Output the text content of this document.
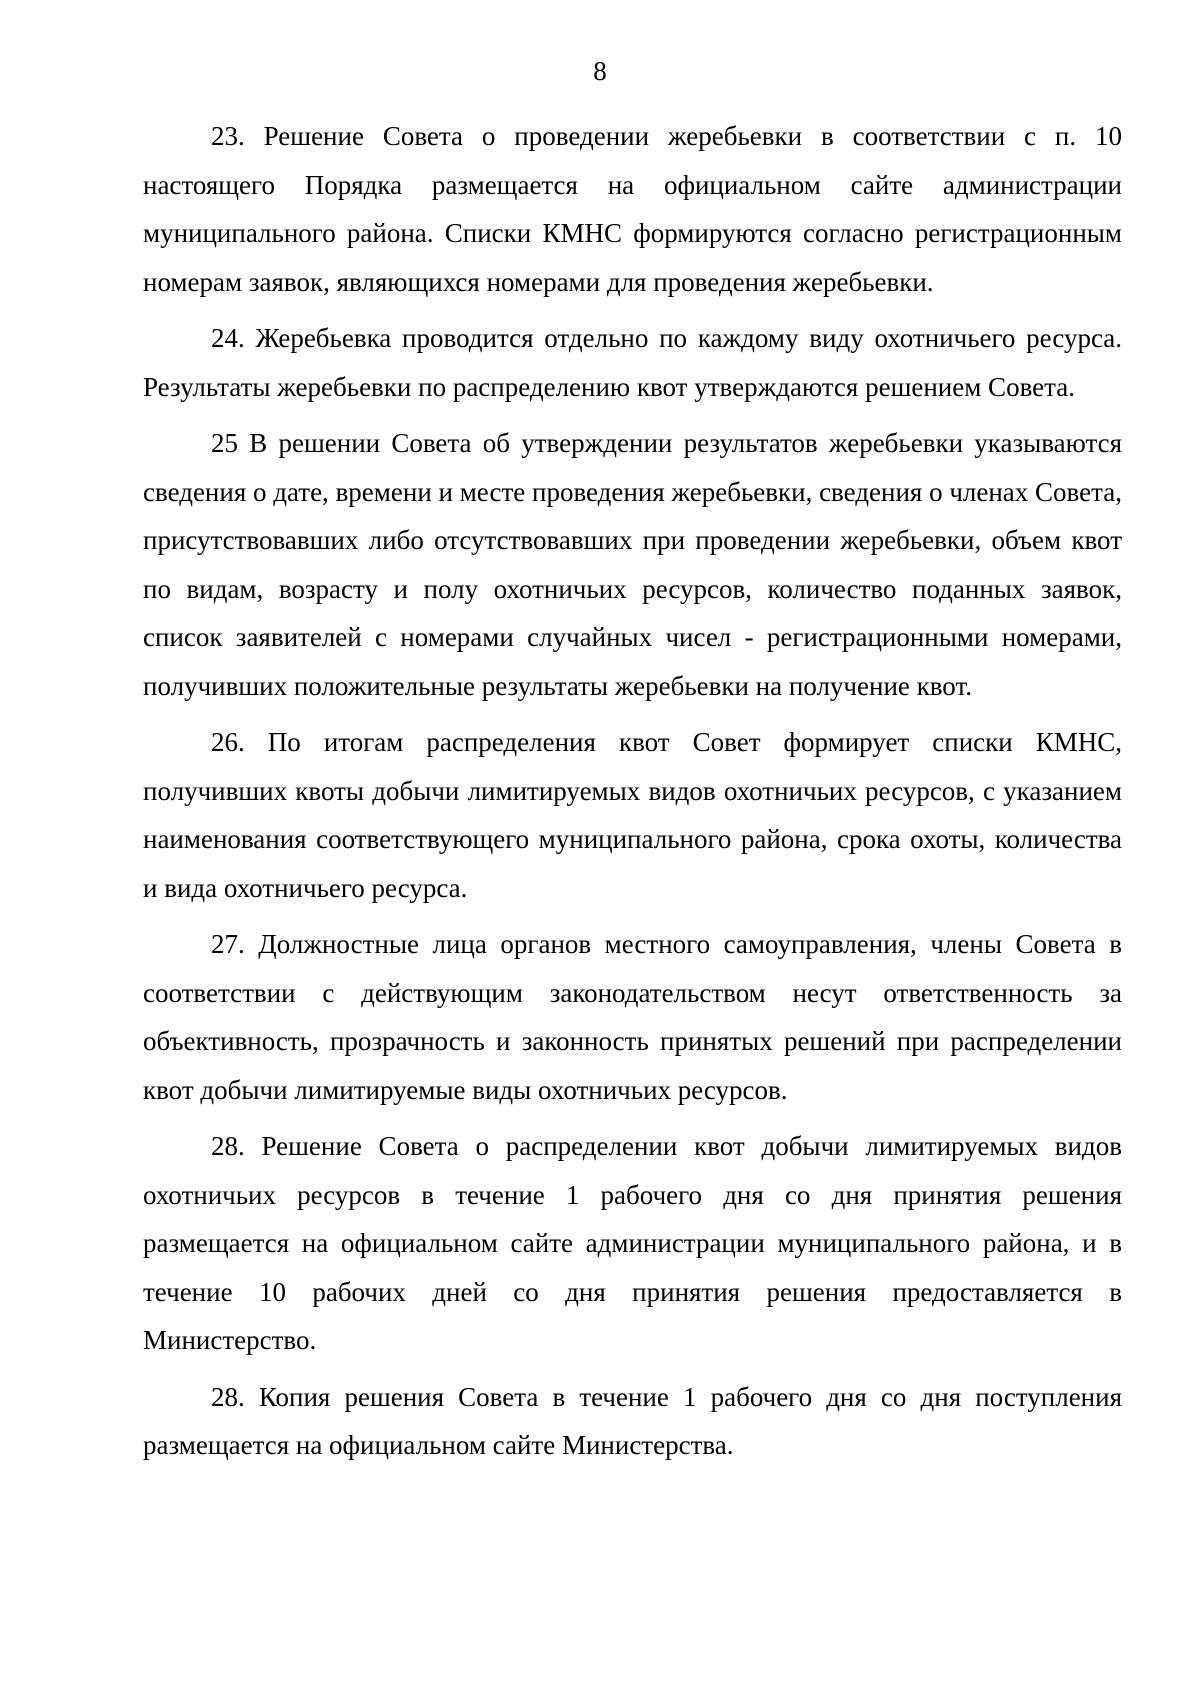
8

23. Решение Совета о проведении жеребьевки в соответствии с п. 10 настоящего Порядка размещается на официальном сайте администрации муниципального района. Списки КМНС формируются согласно регистрационным номерам заявок, являющихся номерами для проведения жеребьевки.

24. Жеребьевка проводится отдельно по каждому виду охотничьего ресурса. Результаты жеребьевки по распределению квот утверждаются решением Совета.

25 В решении Совета об утверждении результатов жеребьевки указываются сведения о дате, времени и месте проведения жеребьевки, сведения о членах Совета, присутствовавших либо отсутствовавших при проведении жеребьевки, объем квот по видам, возрасту и полу охотничьих ресурсов, количество поданных заявок, список заявителей с номерами случайных чисел - регистрационными номерами, получивших положительные результаты жеребьевки на получение квот.

26. По итогам распределения квот Совет формирует списки КМНС, получивших квоты добычи лимитируемых видов охотничьих ресурсов, с указанием наименования соответствующего муниципального района, срока охоты, количества и вида охотничьего ресурса.

27. Должностные лица органов местного самоуправления, члены Совета в соответствии с действующим законодательством несут ответственность за объективность, прозрачность и законность принятых решений при распределении квот добычи лимитируемые виды охотничьих ресурсов.

28. Решение Совета о распределении квот добычи лимитируемых видов охотничьих ресурсов в течение 1 рабочего дня со дня принятия решения размещается на официальном сайте администрации муниципального района, и в течение 10 рабочих дней со дня принятия решения предоставляется в Министерство.

28. Копия решения Совета в течение 1 рабочего дня со дня поступления размещается на официальном сайте Министерства.
